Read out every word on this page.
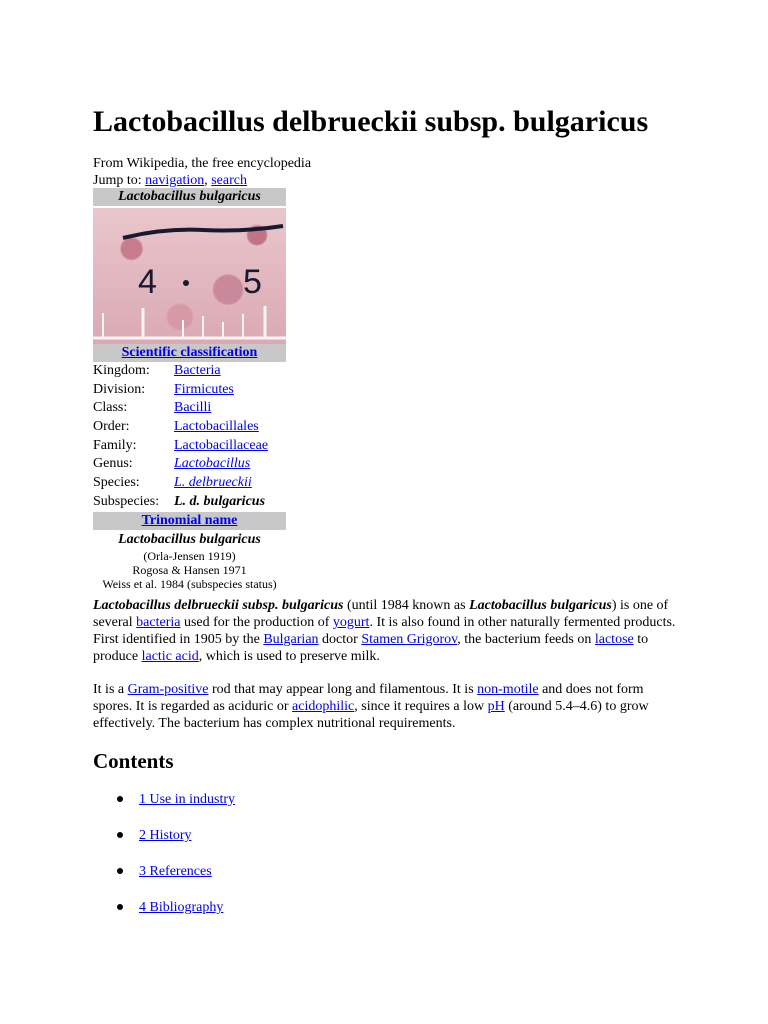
Lactobacillus delbrueckii subsp. bulgaricus
From Wikipedia, the free encyclopedia
Jump to: navigation, search
Lactobacillus bulgaricus
4	5
Scientific classification
Kingdom:	Bacteria
Division:	Firmicutes
Class:	Bacilli
Order:	Lactobacillales
Family:	Lactobacillaceae
Genus:	Lactobacillus
Species:	L. delbrueckii
Subspecies:	L. d. bulgaricus
Trinomial name
Lactobacillus bulgaricus
(Orla-Jensen 1919)
Rogosa & Hansen 1971
Weiss et al. 1984 (subspecies status)

Lactobacillus delbrueckii subsp. bulgaricus (until 1984 known as Lactobacillus bulgaricus) is one of several bacteria used for the production of yogurt. It is also found in other naturally fermented products. First identified in 1905 by the Bulgarian doctor Stamen Grigorov, the bacterium feeds on lactose to produce lactic acid, which is used to preserve milk.

It is a Gram-positive rod that may appear long and filamentous. It is non-motile and does not form spores. It is regarded as aciduric or acidophilic, since it requires a low pH (around 5.4–4.6) to grow effectively. The bacterium has complex nutritional requirements.

Contents
1 Use in industry
2 History
3 References
4 Bibliography
